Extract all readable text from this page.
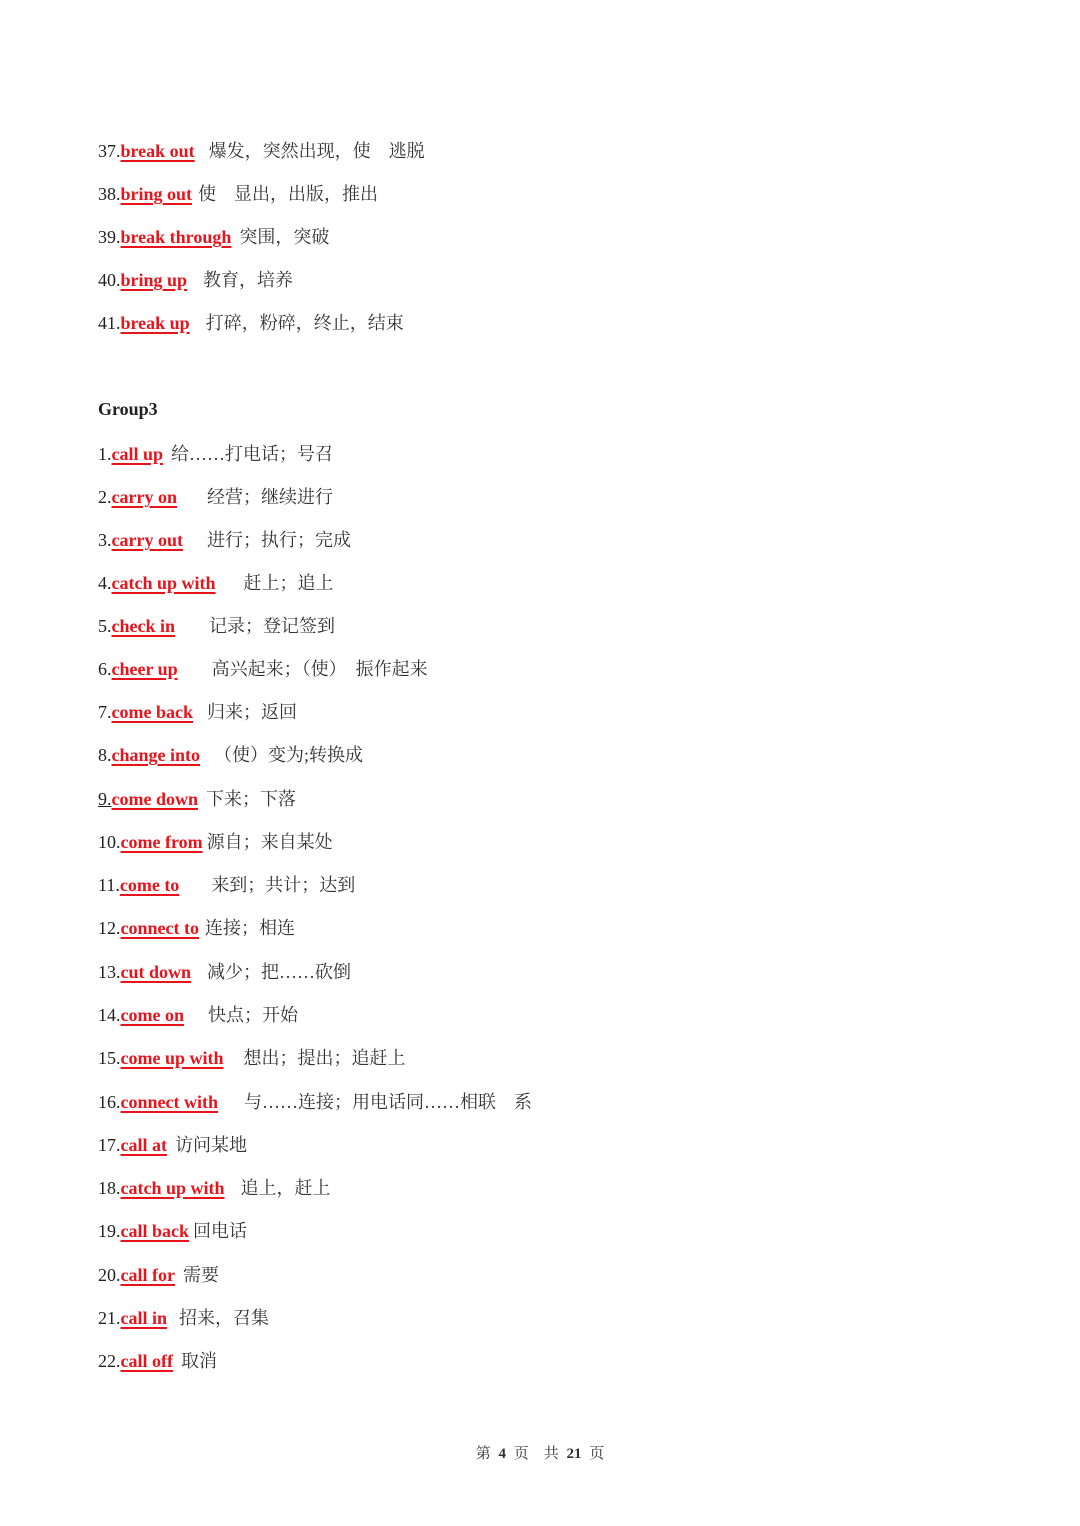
37.break out 爆发，突然出现，使　逃脱
38.bring out 使　显出，出版，推出
39.break through 突围，突破
40.bring up 教育，培养
41.break up 打碎，粉碎，终止，结束
1.call up 给……打电话；号召
2.carry on 经营；继续进行
3.carry out 进行；执行；完成
4.catch up with 赶上；追上
5.check in 记录；登记签到
6.cheer up 高兴起来；（使）　振作起来
7.come back 归来；返回
8.change into （使）变为;转换成
9.come down 下来；下落
10.come from 源自；来自某处
11.come to 来到；共计；达到
12.connect to 连接；相连
13.cut down 减少；把……砍倒
14.come on 快点；开始
15.come up with 想出；提出；追赶上
16.connect with 与……连接；用电话同……相联　系
17.call at 访问某地
18.catch up with 追上，赶上
19.call back 回电话
20.call for 需要
21.call in 招来，召集
22.call off 取消
Group3
第 4 页　共 21 页
